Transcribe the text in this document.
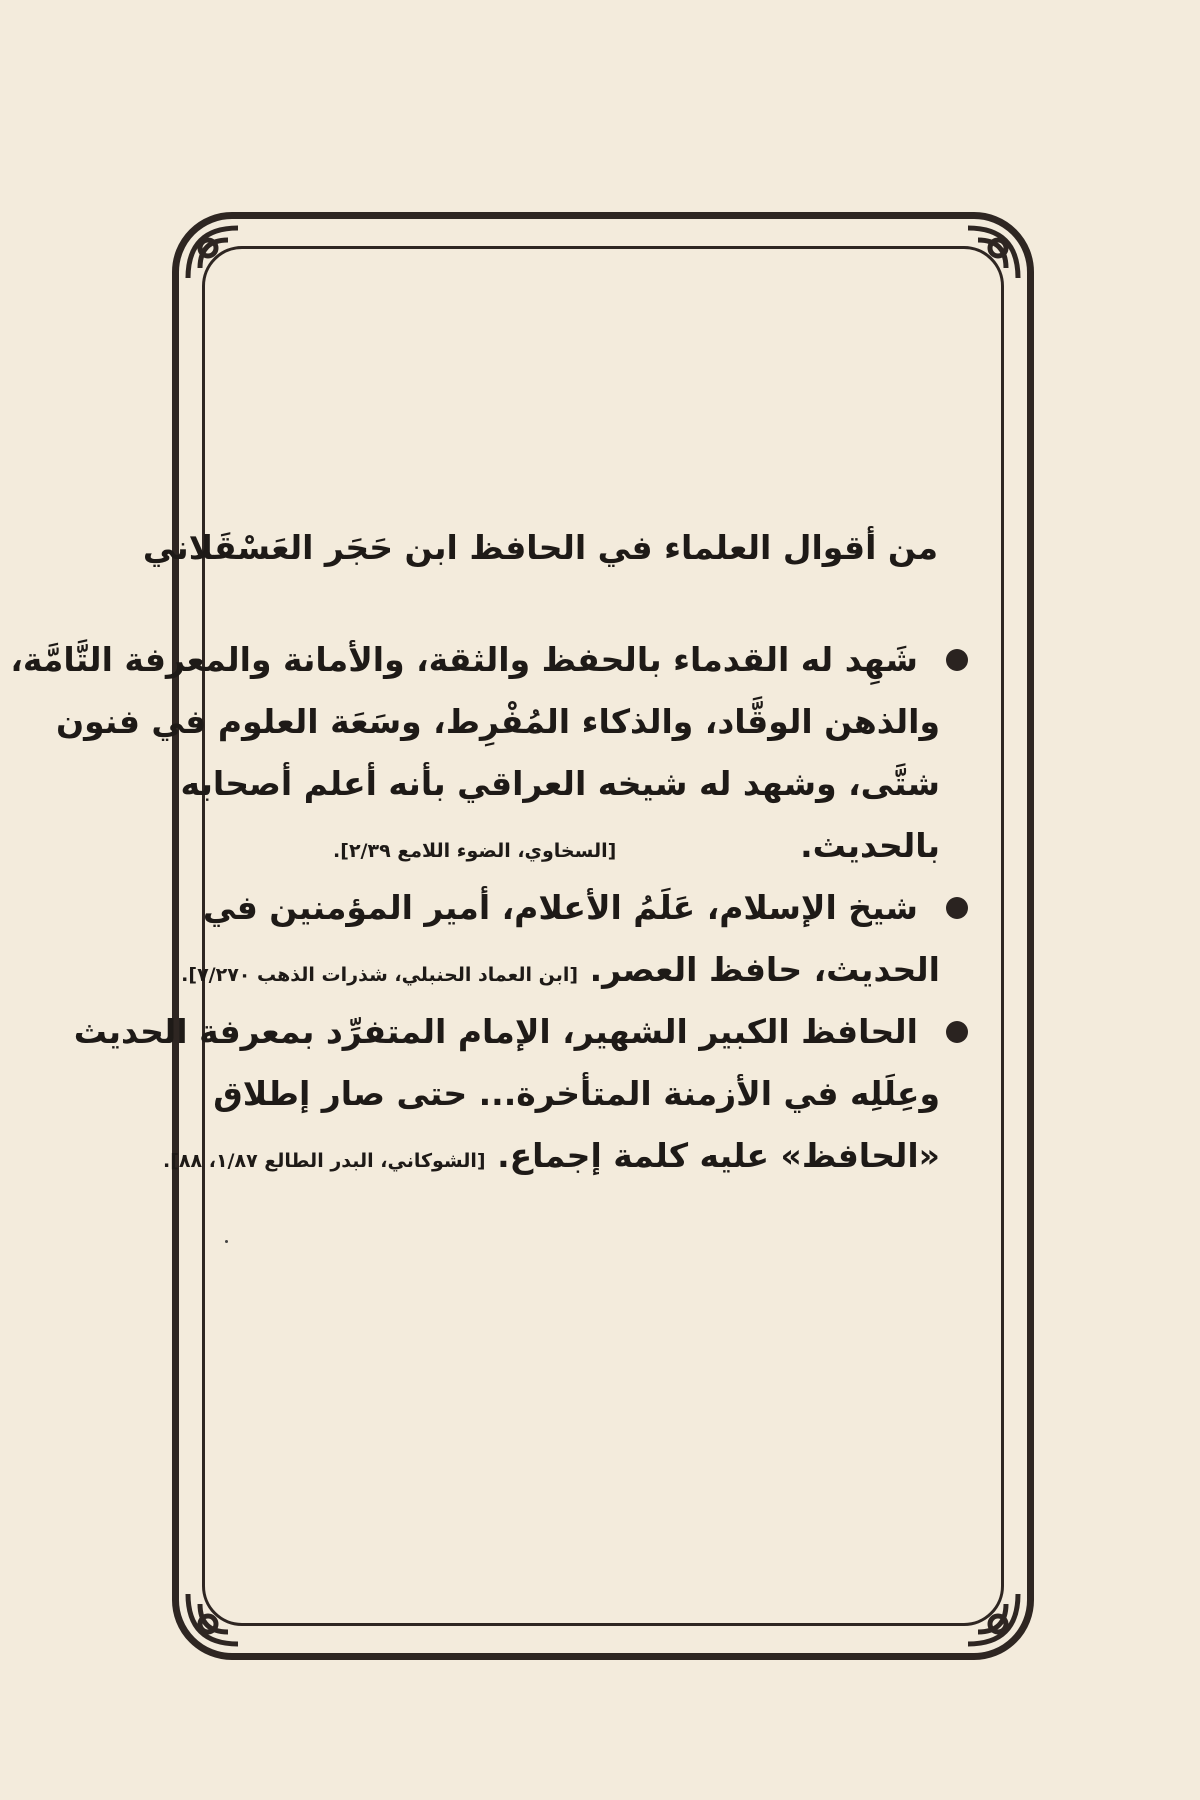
من أقوال العلماء في الحافظ ابن حَجَر العَسْقَلاني
شَهِد له القدماء بالحفظ والثقة، والأمانة والمعرفة التَّامَّة،
والذهن الوقَّاد، والذكاء المُفْرِط، وسَعَة العلوم في فنون
شتَّى، وشهد له شيخه العراقي بأنه أعلم أصحابه
بالحديث.                [السخاوي، الضوء اللامع ٢/٣٩].
شيخ الإسلام، عَلَمُ الأعلام، أمير المؤمنين في
الحديث، حافظ العصر. [ابن العماد الحنبلي، شذرات الذهب ٧/٢٧٠].
الحافظ الكبير الشهير، الإمام المتفرِّد بمعرفة الحديث
وعِلَلِه في الأزمنة المتأخرة... حتى صار إطلاق
«الحافظ» عليه كلمة إجماع. [الشوكاني، البدر الطالع ١/٨٧، ٨٨].
